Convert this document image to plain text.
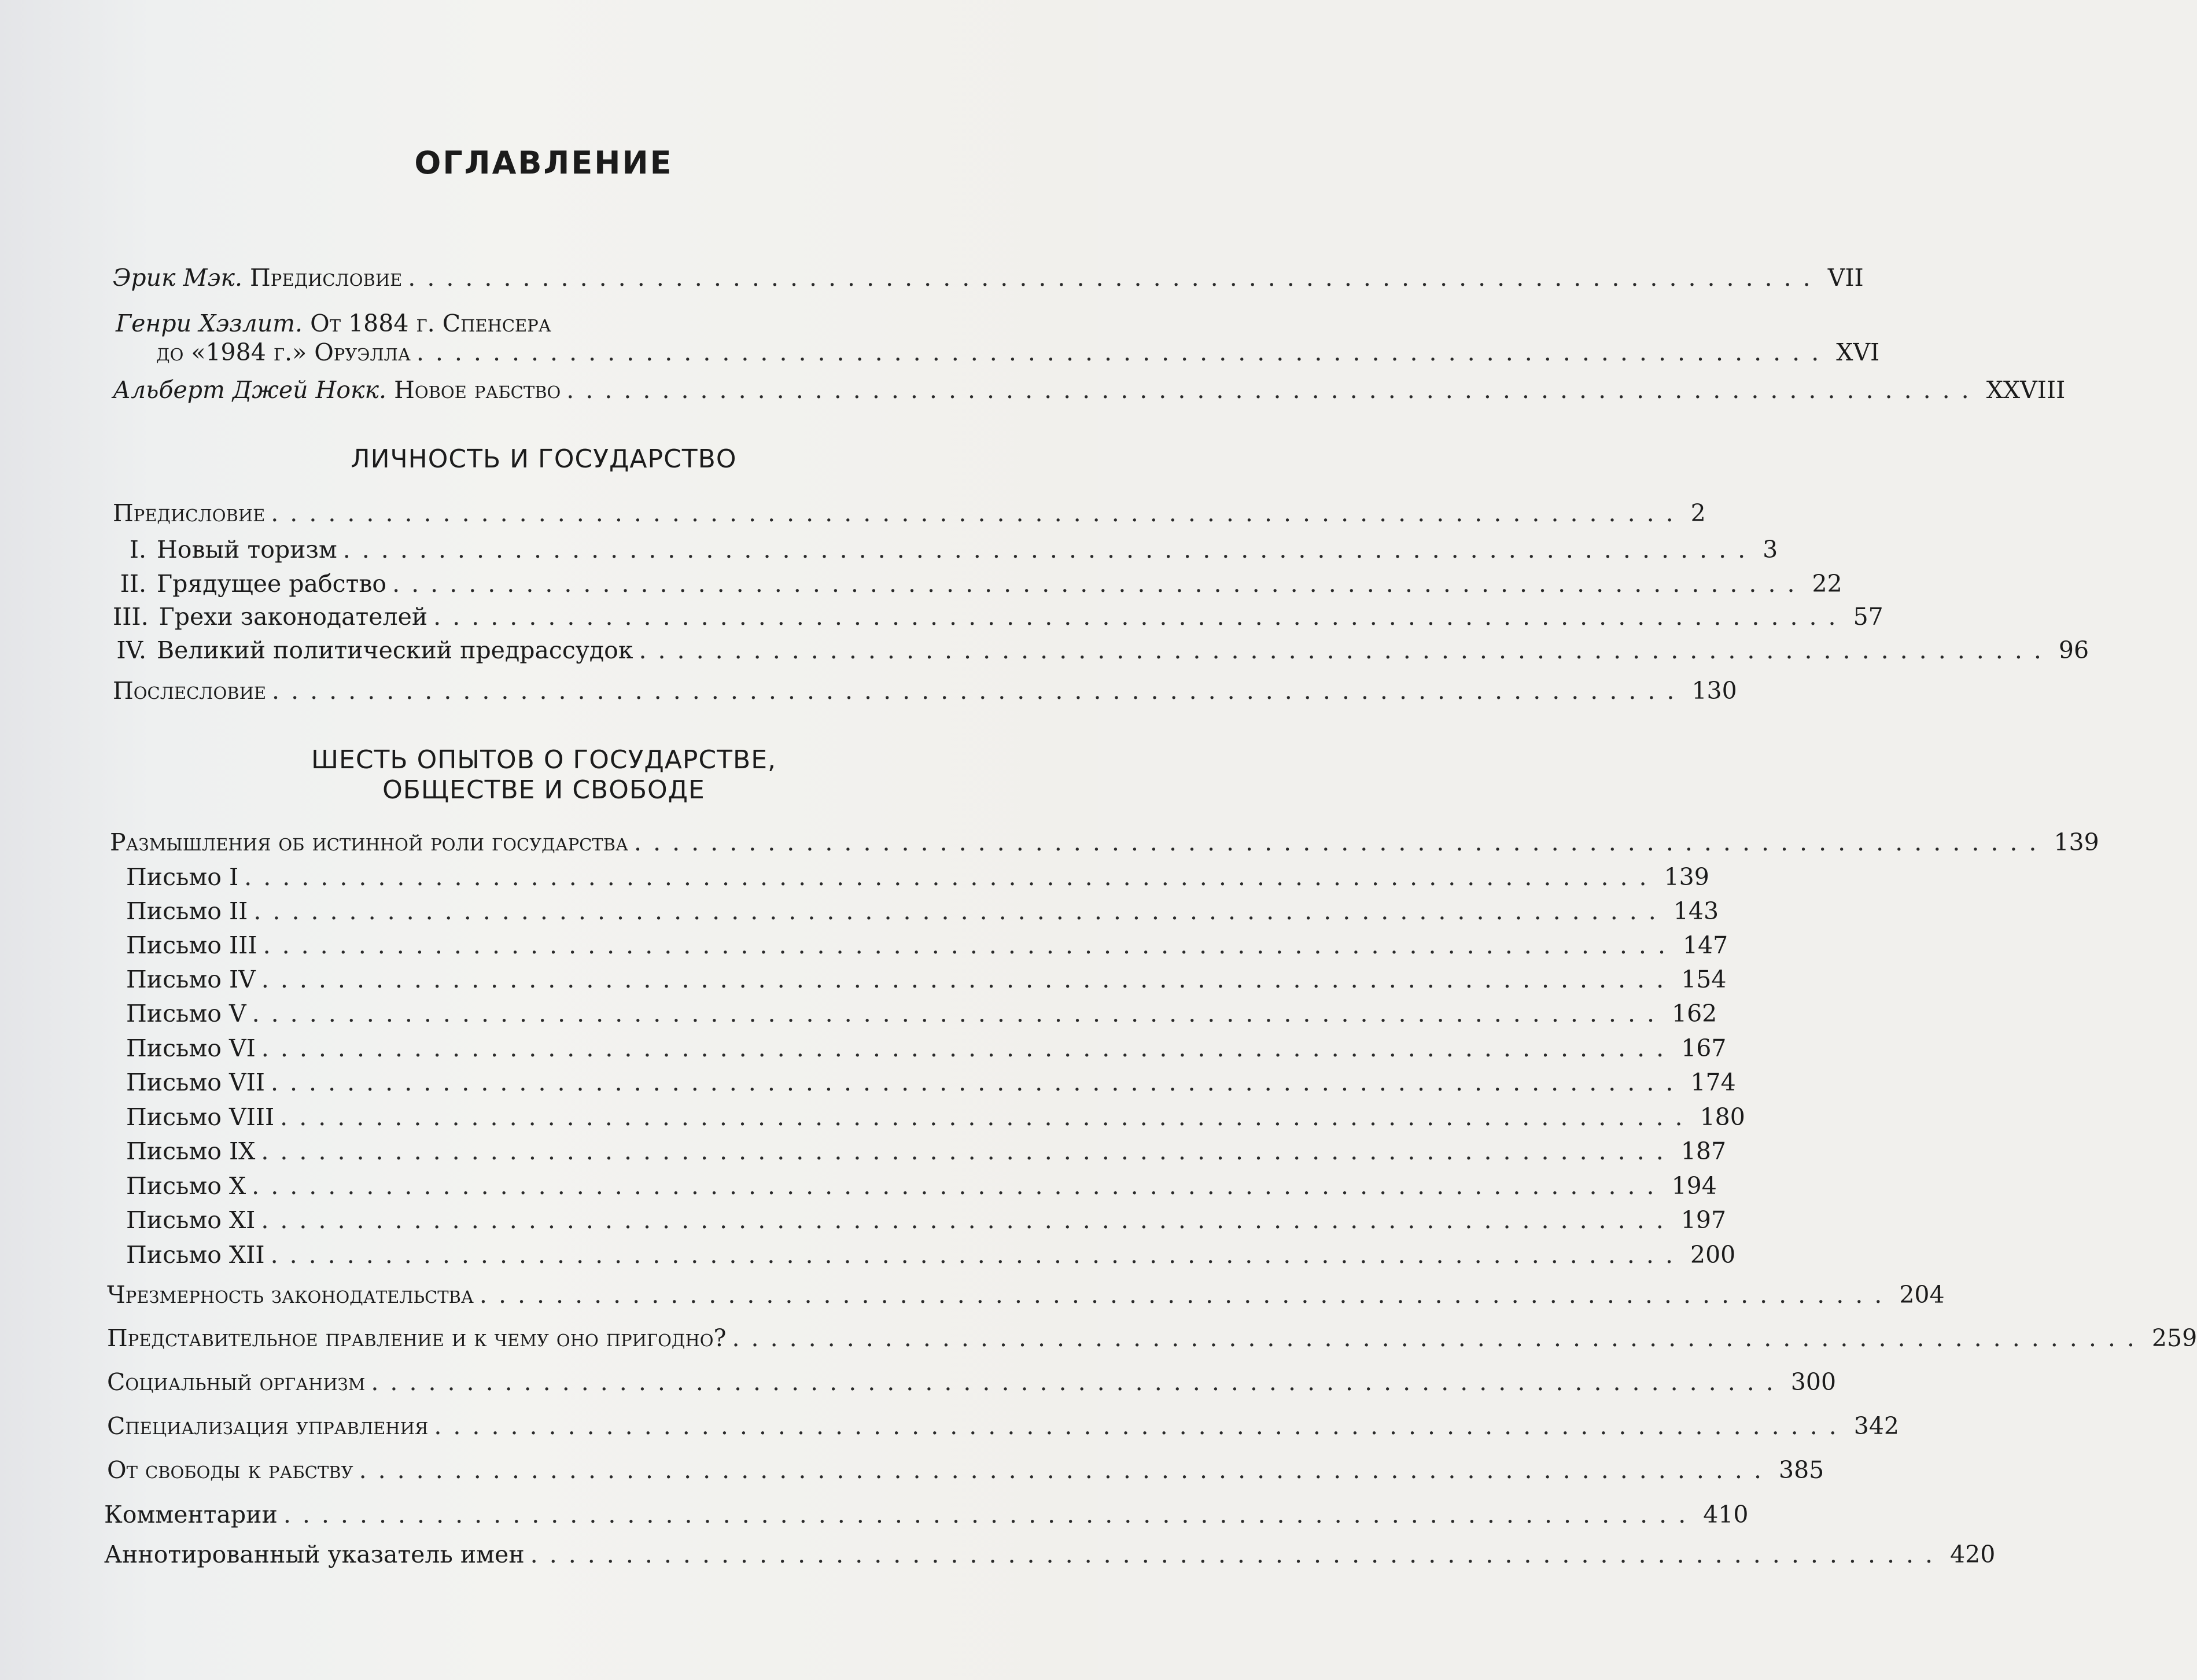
ОГЛАВЛЕНИЕ
Эрик Мэк. Предисловие .......................................................................... VII
Генри Хэзлит. От 1884 г. Спенсера
до «1984 г.» Оруэлла .......................................................................... XVI
Альберт Джей Нокк. Новое рабство .......................................................................... XXVIII
ЛИЧНОСТЬ И ГОСУДАРСТВО
Предисловие .......................................................................... 2
I. Новый торизм .......................................................................... 3
II. Грядущее рабство .......................................................................... 22
III. Грехи законодателей .......................................................................... 57
IV. Великий политический предрассудок .......................................................................... 96
Послесловие .......................................................................... 130
ШЕСТЬ ОПЫТОВ О ГОСУДАРСТВЕ,
ОБЩЕСТВЕ И СВОБОДЕ
Размышления об истинной роли государства .......................................................................... 139
Письмо I .......................................................................... 139
Письмо II .......................................................................... 143
Письмо III .......................................................................... 147
Письмо IV .......................................................................... 154
Письмо V .......................................................................... 162
Письмо VI .......................................................................... 167
Письмо VII .......................................................................... 174
Письмо VIII .......................................................................... 180
Письмо IX .......................................................................... 187
Письмо X .......................................................................... 194
Письмо XI .......................................................................... 197
Письмо XII .......................................................................... 200
Чрезмерность законодательства .......................................................................... 204
Представительное правление и к чему оно пригодно? .......................................................................... 259
Социальный организм .......................................................................... 300
Специализация управления .......................................................................... 342
От свободы к рабству .......................................................................... 385
Комментарии .......................................................................... 410
Аннотированный указатель имен .......................................................................... 420
